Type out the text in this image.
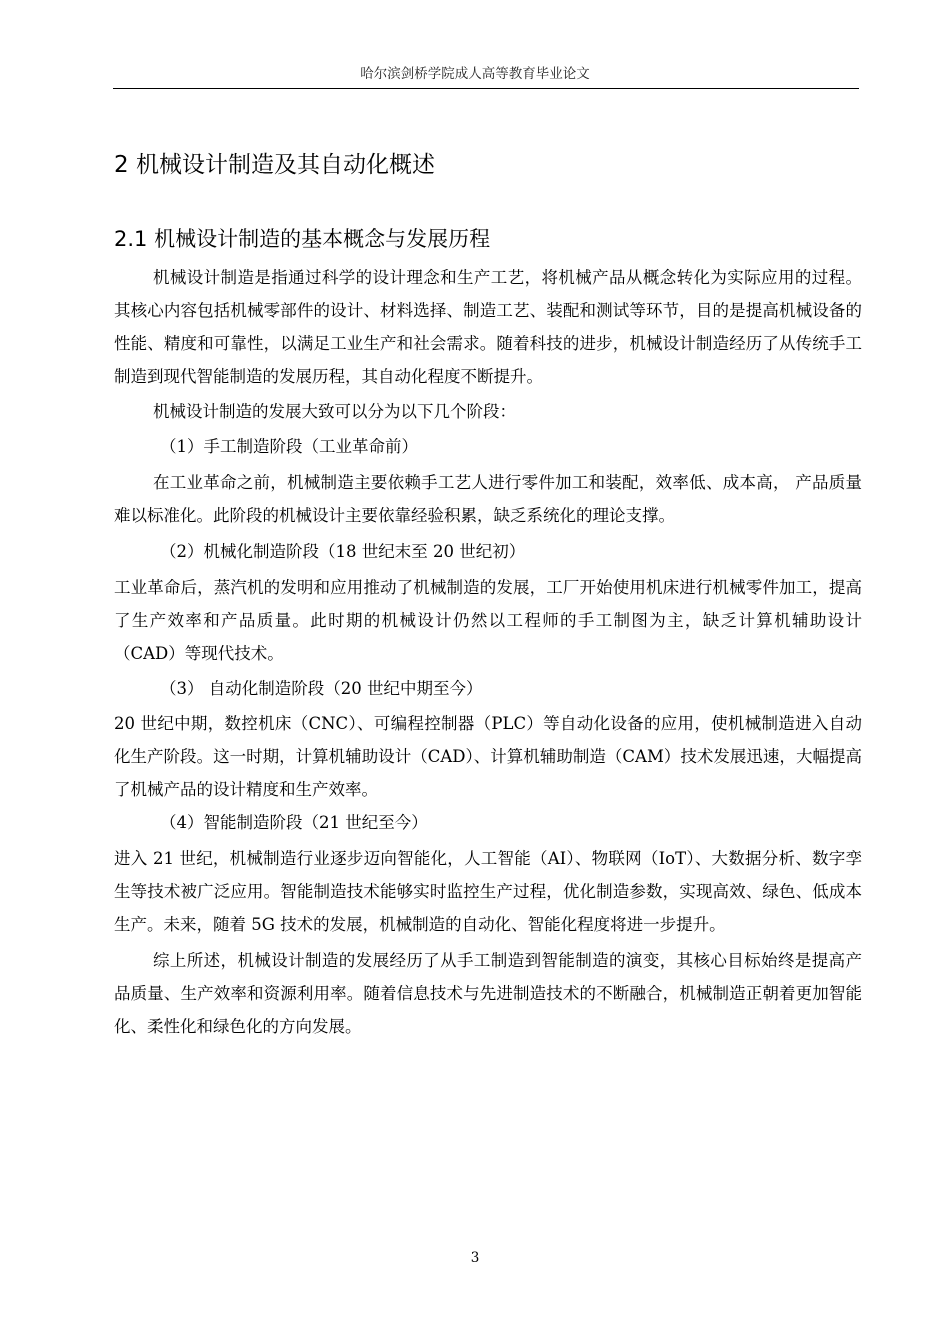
哈尔滨剑桥学院成人高等教育毕业论文
2 机械设计制造及其自动化概述
2.1 机械设计制造的基本概念与发展历程

机械设计制造是指通过科学的设计理念和生产工艺，将机械产品从概念转化为实际应用的过程。其核心内容包括机械零部件的设计、材料选择、制造工艺、装配和测试等环节，目的是提高机械设备的性能、精度和可靠性，以满足工业生产和社会需求。随着科技的进步，机械设计制造经历了从传统手工制造到现代智能制造的发展历程，其自动化程度不断提升。

机械设计制造的发展大致可以分为以下几个阶段：

（1）手工制造阶段（工业革命前）

在工业革命之前，机械制造主要依赖手工艺人进行零件加工和装配，效率低、成本高， 产品质量难以标准化。此阶段的机械设计主要依靠经验积累，缺乏系统化的理论支撑。

（2）机械化制造阶段（18 世纪末至 20 世纪初）

工业革命后，蒸汽机的发明和应用推动了机械制造的发展，工厂开始使用机床进行机械零件加工，提高了生产效率和产品质量。此时期的机械设计仍然以工程师的手工制图为主，缺乏计算机辅助设计（CAD）等现代技术。

（3） 自动化制造阶段（20 世纪中期至今）

20 世纪中期，数控机床（CNC）、可编程控制器（PLC）等自动化设备的应用，使机械制造进入自动化生产阶段。这一时期，计算机辅助设计（CAD）、计算机辅助制造（CAM）技术发展迅速，大幅提高了机械产品的设计精度和生产效率。

（4）智能制造阶段（21 世纪至今）

进入 21 世纪，机械制造行业逐步迈向智能化，人工智能（AI）、物联网（IoT）、大数据分析、数字孪生等技术被广泛应用。智能制造技术能够实时监控生产过程，优化制造参数，实现高效、绿色、低成本生产。未来，随着 5G 技术的发展，机械制造的自动化、智能化程度将进一步提升。

综上所述，机械设计制造的发展经历了从手工制造到智能制造的演变，其核心目标始终是提高产品质量、生产效率和资源利用率。随着信息技术与先进制造技术的不断融合，机械制造正朝着更加智能化、柔性化和绿色化的方向发展。

3
